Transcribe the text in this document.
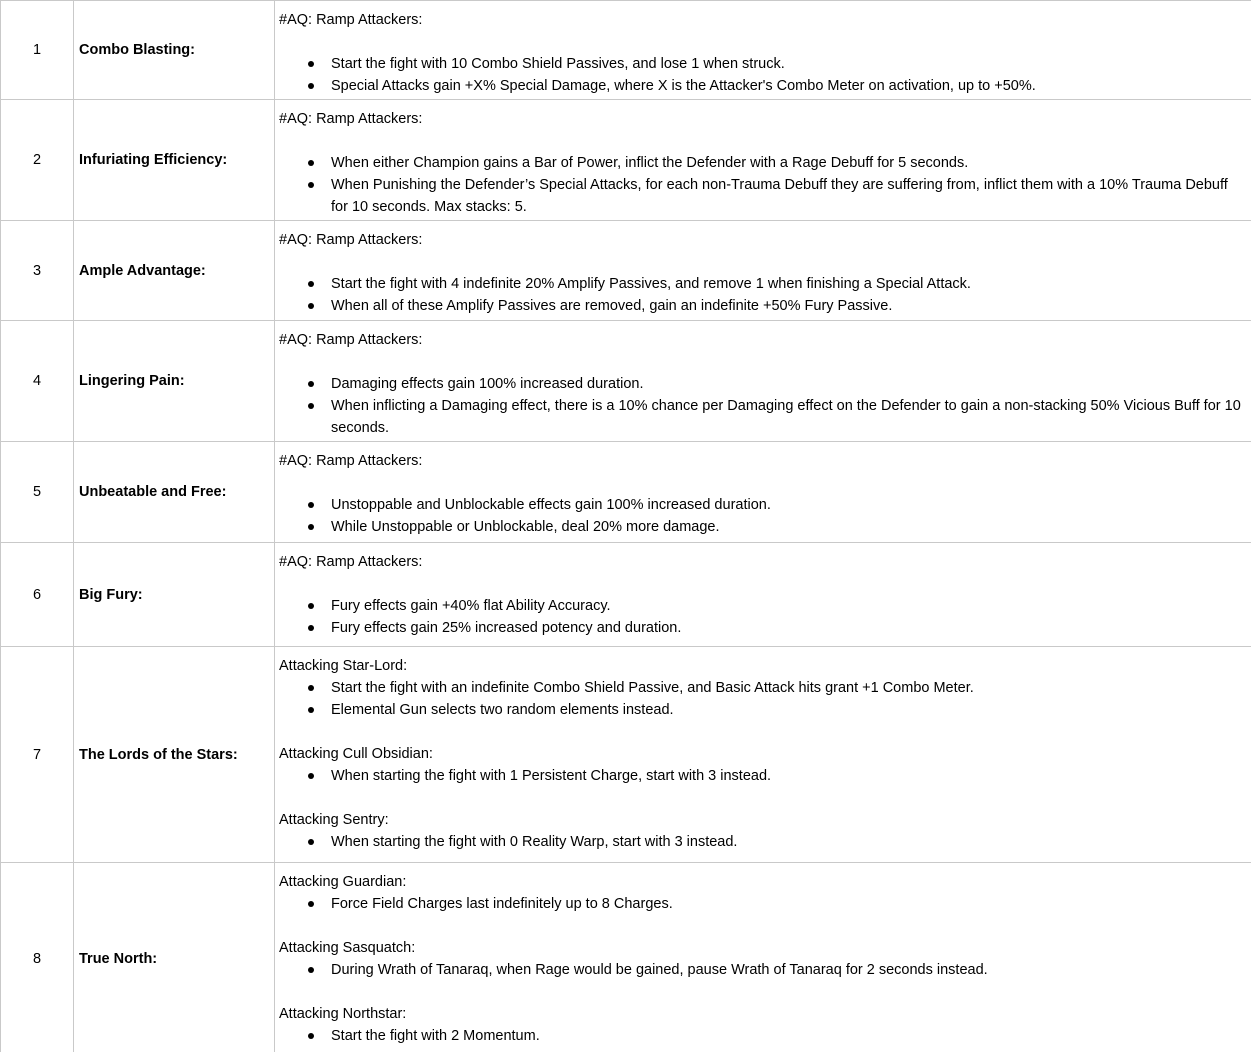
1	Combo Blasting:	#AQ: Ramp Attackers:
Start the fight with 10 Combo Shield Passives, and lose 1 when struck.
Special Attacks gain +X% Special Damage, where X is the Attacker's Combo Meter on activation, up to +50%.

2	Infuriating Efficiency:	#AQ: Ramp Attackers:
When either Champion gains a Bar of Power, inflict the Defender with a Rage Debuff for 5 seconds.
When Punishing the Defender’s Special Attacks, for each non-Trauma Debuff they are suffering from, inflict them with a 10% Trauma Debuff for 10 seconds. Max stacks: 5.

3	Ample Advantage:	#AQ: Ramp Attackers:
Start the fight with 4 indefinite 20% Amplify Passives, and remove 1 when finishing a Special Attack.
When all of these Amplify Passives are removed, gain an indefinite +50% Fury Passive.

4	Lingering Pain:	#AQ: Ramp Attackers:
Damaging effects gain 100% increased duration.
When inflicting a Damaging effect, there is a 10% chance per Damaging effect on the Defender to gain a non-stacking 50% Vicious Buff for 10 seconds.

5	Unbeatable and Free:	#AQ: Ramp Attackers:
Unstoppable and Unblockable effects gain 100% increased duration.
While Unstoppable or Unblockable, deal 20% more damage.

6	Big Fury:	#AQ: Ramp Attackers:
Fury effects gain +40% flat Ability Accuracy.
Fury effects gain 25% increased potency and duration.

7	The Lords of the Stars:	
Attacking Star-Lord:
Start the fight with an indefinite Combo Shield Passive, and Basic Attack hits grant +1 Combo Meter.
Elemental Gun selects two random elements instead.
Attacking Cull Obsidian:
When starting the fight with 1 Persistent Charge, start with 3 instead.
Attacking Sentry:
When starting the fight with 0 Reality Warp, start with 3 instead.

8	True North:	
Attacking Guardian:
Force Field Charges last indefinitely up to 8 Charges.
Attacking Sasquatch:
During Wrath of Tanaraq, when Rage would be gained, pause Wrath of Tanaraq for 2 seconds instead.
Attacking Northstar:
Start the fight with 2 Momentum.
